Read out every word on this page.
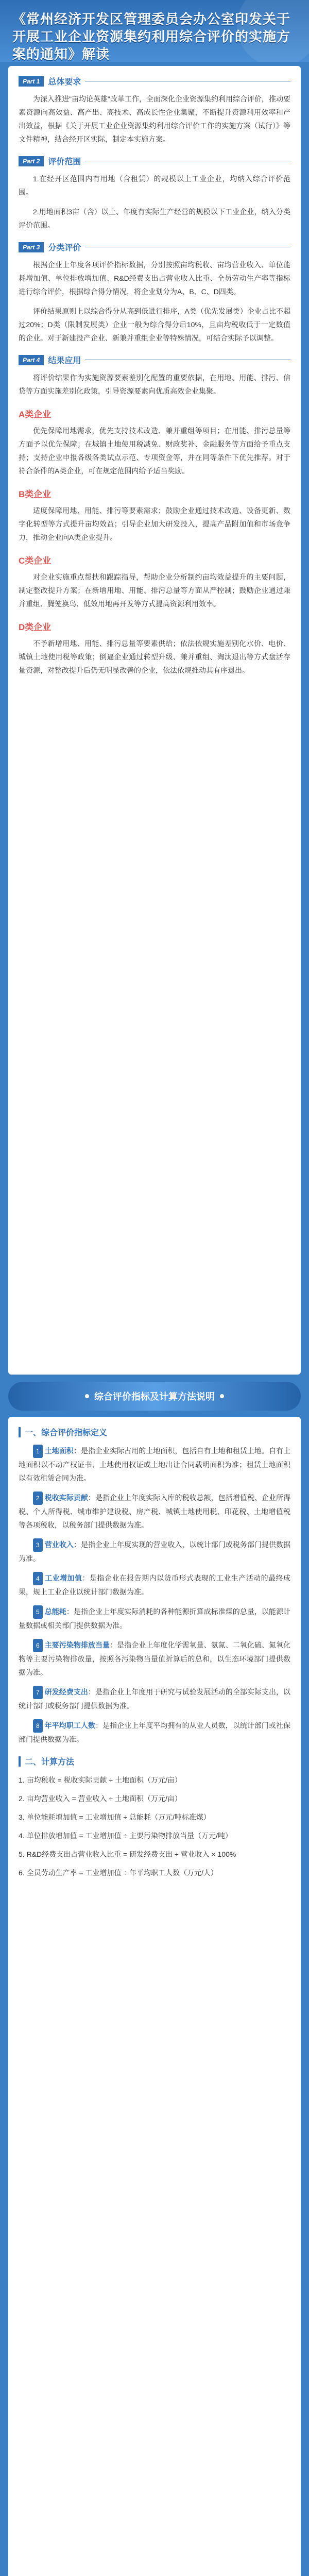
《常州经济开发区管理委员会办公室印发关于开展工业企业资源集约利用综合评价的实施方案的通知》解读
Part 1	总体要求

为深入推进"亩均论英雄"改革工作，全面深化企业资源集约利用综合评价，推动要素资源向高效益、高产出、高技术、高成长性企业集聚，不断提升资源利用效率和产出效益，根据《关于开展工业企业资源集约利用综合评价工作的实施方案（试行）》等文件精神，结合经开区实际，制定本实施方案。

Part 2	评价范围

1.在经开区范围内有用地（含租赁）的规模以上工业企业，均纳入综合评价范围。

2.用地面积3亩（含）以上、年度有实际生产经营的规模以下工业企业，纳入分类评价范围。

Part 3	分类评价

根据企业上年度各项评价指标数据，分别按照亩均税收、亩均营业收入、单位能耗增加值、单位排放增加值、R&D经费支出占营业收入比重、全员劳动生产率等指标进行综合评价，根据综合得分情况，将企业划分为A、B、C、D四类。

评价结果原则上以综合得分从高到低进行排序，A类（优先发展类）企业占比不超过20%；D类（限制发展类）企业一般为综合得分后10%，且亩均税收低于一定数值的企业。对于新建投产企业、新兼并重组企业等特殊情况，可结合实际予以调整。

Part 4	结果应用

将评价结果作为实施资源要素差别化配置的重要依据，在用地、用能、排污、信贷等方面实施差别化政策，引导资源要素向优质高效企业集聚。

A类企业

优先保障用地需求，优先支持技术改造、兼并重组等项目；在用能、排污总量等方面予以优先保障；在城镇土地使用税减免、财政奖补、金融服务等方面给予重点支持；支持企业申报各级各类试点示范、专项资金等，并在同等条件下优先推荐。对于符合条件的A类企业，可在规定范围内给予适当奖励。

B类企业

适度保障用地、用能、排污等要素需求；鼓励企业通过技术改造、设备更新、数字化转型等方式提升亩均效益；引导企业加大研发投入，提高产品附加值和市场竞争力，推动企业向A类企业提升。

C类企业

对企业实施重点帮扶和跟踪指导，帮助企业分析制约亩均效益提升的主要问题，制定整改提升方案；在新增用地、用能、排污总量等方面从严控制；鼓励企业通过兼并重组、腾笼换鸟、低效用地再开发等方式提高资源利用效率。

D类企业

不予新增用地、用能、排污总量等要素供给；依法依规实施差别化水价、电价、城镇土地使用税等政策；倒逼企业通过转型升级、兼并重组、淘汰退出等方式盘活存量资源，对整改提升后仍无明显改善的企业，依法依规推动其有序退出。

综合评价指标及计算方法说明
一、综合评价指标定义

1 土地面积：是指企业实际占用的土地面积，包括自有土地和租赁土地。自有土地面积以不动产权证书、土地使用权证或土地出让合同载明面积为准；租赁土地面积以有效租赁合同为准。

2 税收实际贡献：是指企业上年度实际入库的税收总额，包括增值税、企业所得税、个人所得税、城市维护建设税、房产税、城镇土地使用税、印花税、土地增值税等各项税收，以税务部门提供数据为准。

3 营业收入：是指企业上年度实现的营业收入，以统计部门或税务部门提供数据为准。

4 工业增加值：是指企业在报告期内以货币形式表现的工业生产活动的最终成果，规上工业企业以统计部门数据为准。

5 总能耗：是指企业上年度实际消耗的各种能源折算成标准煤的总量，以能源计量数据或相关部门提供数据为准。

6 主要污染物排放当量：是指企业上年度化学需氧量、氨氮、二氧化硫、氮氧化物等主要污染物排放量，按照各污染物当量值折算后的总和，以生态环境部门提供数据为准。

7 研发经费支出：是指企业上年度用于研究与试验发展活动的全部实际支出，以统计部门或税务部门提供数据为准。

8 年平均职工人数：是指企业上年度平均拥有的从业人员数，以统计部门或社保部门提供数据为准。

二、计算方法
1. 亩均税收 = 税收实际贡献 ÷ 土地面积（万元/亩）
2. 亩均营业收入 = 营业收入 ÷ 土地面积（万元/亩）
3. 单位能耗增加值 = 工业增加值 ÷ 总能耗（万元/吨标准煤）
4. 单位排放增加值 = 工业增加值 ÷ 主要污染物排放当量（万元/吨）
5. R&D经费支出占营业收入比重 = 研发经费支出 ÷ 营业收入 × 100%
6. 全员劳动生产率 = 工业增加值 ÷ 年平均职工人数（万元/人）
